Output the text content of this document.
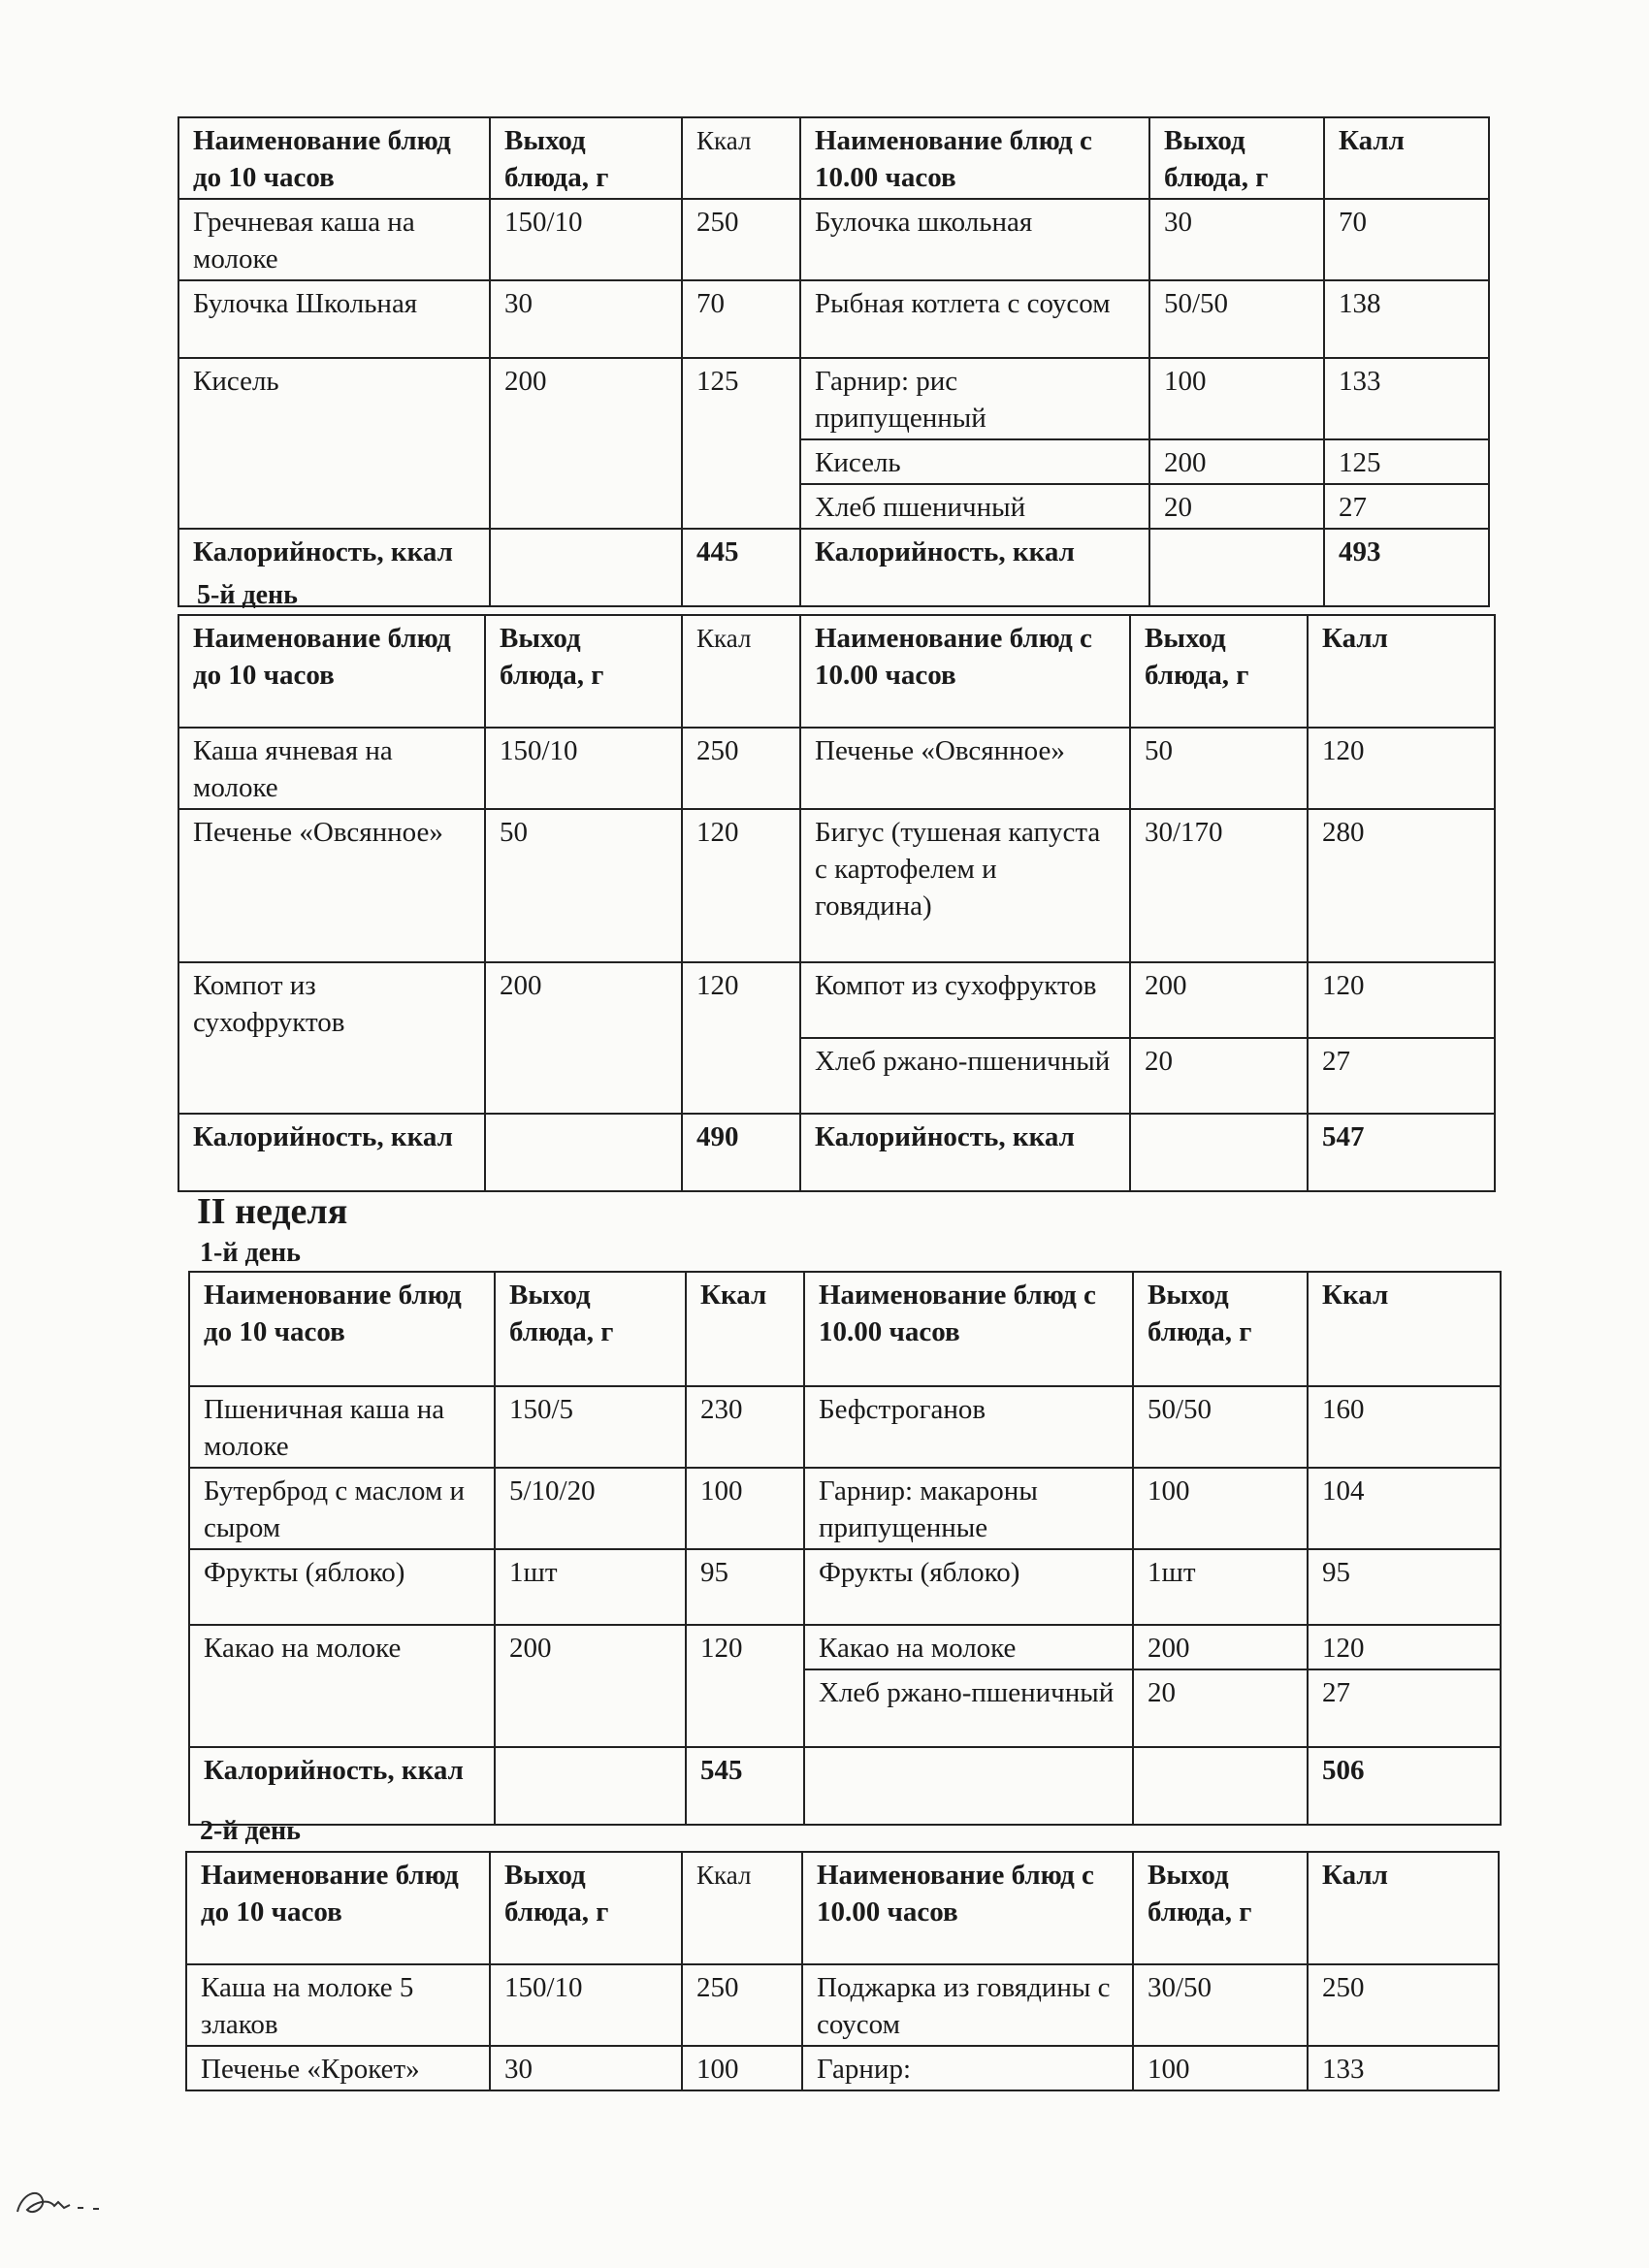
Наименование блюд до 10 часов	Выход блюда, г	Ккал	Наименование блюд с 10.00 часов	Выход блюда, г	Калл
Гречневая каша на молоке	150/10	250	Булочка школьная	30	70
Булочка Школьная	30	70	Рыбная котлета с соусом	50/50	138
Кисель	200	125	Гарнир: рис припущенный	100	133
			Кисель	200	125
			Хлеб пшеничный	20	27
Калорийность, ккал		445	Калорийность, ккал		493
5-й день
Наименование блюд до 10 часов	Выход блюда, г	Ккал	Наименование блюд с 10.00 часов	Выход блюда, г	Калл
Каша ячневая на молоке	150/10	250	Печенье «Овсянное»	50	120
Печенье «Овсянное»	50	120	Бигус (тушеная капуста с картофелем и говядина)	30/170	280
Компот из сухофруктов	200	120	Компот из сухофруктов	200	120
			Хлеб ржано-пшеничный	20	27
Калорийность, ккал		490	Калорийность, ккал		547
II неделя
1-й день
Наименование блюд до 10 часов	Выход блюда, г	Ккал	Наименование блюд с 10.00 часов	Выход блюда, г	Ккал
Пшеничная каша на молоке	150/5	230	Бефстроганов	50/50	160
Бутерброд с маслом и сыром	5/10/20	100	Гарнир: макароны припущенные	100	104
Фрукты (яблоко)	1шт	95	Фрукты (яблоко)	1шт	95
Какао на молоке	200	120	Какао на молоке	200	120
			Хлеб ржано-пшеничный	20	27
Калорийность, ккал		545			506
2-й день
Наименование блюд до 10 часов	Выход блюда, г	Ккал	Наименование блюд с 10.00 часов	Выход блюда, г	Калл
Каша на молоке 5 злаков	150/10	250	Поджарка из говядины с соусом	30/50	250
Печенье «Крокет»	30	100	Гарнир:	100	133
